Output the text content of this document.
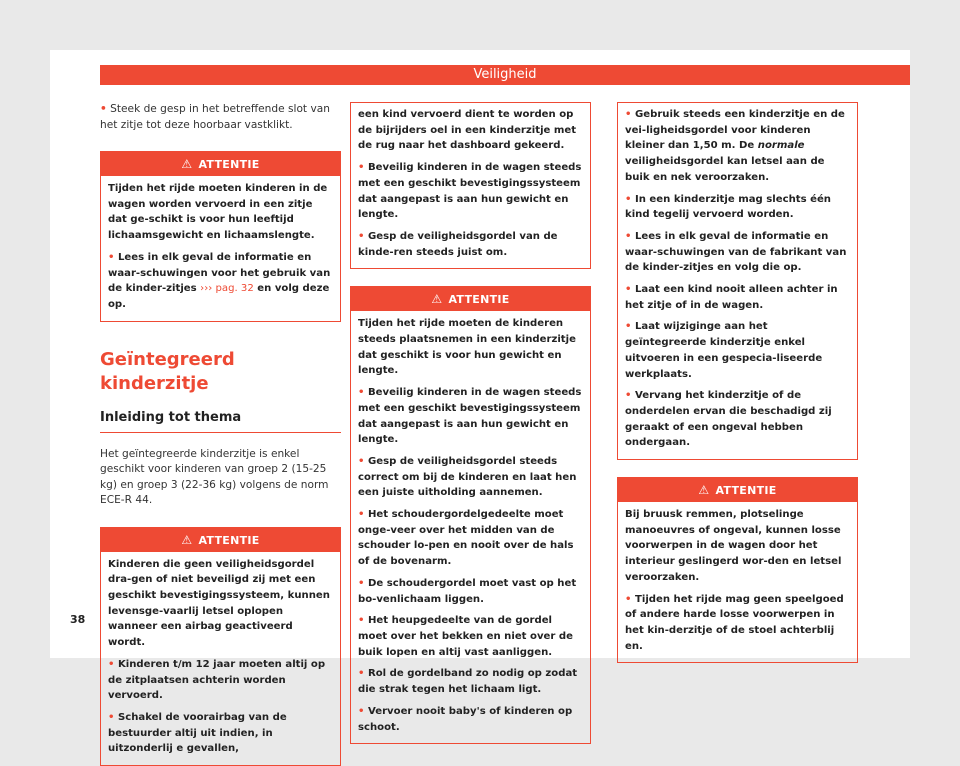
Veiligheid

• Steek de gesp in het betreffende slot van het zitje tot deze hoorbaar vastklikt.

⚠ ATTENTIE

Tijden het rijde moeten kinderen in de wagen worden vervoerd in een zitje dat ge-schikt is voor hun leeftijd lichaamsgewicht en lichaamslengte.

• Lees in elk geval de informatie en waar-schuwingen voor het gebruik van de kinder-zitjes ››› pag. 32 en volg deze op.

Geïntegreerd kinderzitje
Inleiding tot thema

Het geïntegreerde kinderzitje is enkel geschikt voor kinderen van groep 2 (15-25 kg) en groep 3 (22-36 kg) volgens de norm ECE-R 44.

⚠ ATTENTIE

Kinderen die geen veiligheidsgordel dra-gen of niet beveiligd zij met een geschikt bevestigingssysteem, kunnen levensge-vaarlij letsel oplopen wanneer een airbag geactiveerd wordt.

• Kinderen t/m 12 jaar moeten altij op de zitplaatsen achterin worden vervoerd.

• Schakel de voorairbag van de bestuurder altij uit indien, in uitzonderlij e gevallen,

een kind vervoerd dient te worden op de bijrijders oel in een kinderzitje met de rug naar het dashboard gekeerd.

• Beveilig kinderen in de wagen steeds met een geschikt bevestigingssysteem dat aangepast is aan hun gewicht en lengte.

• Gesp de veiligheidsgordel van de kinde-ren steeds juist om.

⚠ ATTENTIE

Tijden het rijde moeten de kinderen steeds plaatsnemen in een kinderzitje dat geschikt is voor hun gewicht en lengte.

• Beveilig kinderen in de wagen steeds met een geschikt bevestigingssysteem dat aangepast is aan hun gewicht en lengte.

• Gesp de veiligheidsgordel steeds correct om bij de kinderen en laat hen een juiste uitholding aannemen.

• Het schoudergordelgedeelte moet onge-veer over het midden van de schouder lo-pen en nooit over de hals of de bovenarm.

• De schoudergordel moet vast op het bo-venlichaam liggen.

• Het heupgedeelte van de gordel moet over het bekken en niet over de buik lopen en altij vast aanliggen.

• Rol de gordelband zo nodig op zodat die strak tegen het lichaam ligt.

• Vervoer nooit baby's of kinderen op schoot.

• Gebruik steeds een kinderzitje en de vei-ligheidsgordel voor kinderen kleiner dan 1,50 m. De normale veiligheidsgordel kan letsel aan de buik en nek veroorzaken.

• In een kinderzitje mag slechts één kind tegelij vervoerd worden.

• Lees in elk geval de informatie en waar-schuwingen van de fabrikant van de kinder-zitjes en volg die op.

• Laat een kind nooit alleen achter in het zitje of in de wagen.

• Laat wijziginge aan het geïntegreerde kinderzitje enkel uitvoeren in een gespecia-liseerde werkplaats.

• Vervang het kinderzitje of de onderdelen ervan die beschadigd zij geraakt of een ongeval hebben ondergaan.

⚠ ATTENTIE

Bij bruusk remmen, plotselinge manoeuvres of ongeval, kunnen losse voorwerpen in de wagen door het interieur geslingerd wor-den en letsel veroorzaken.

• Tijden het rijde mag geen speelgoed of andere harde losse voorwerpen in het kin-derzitje of de stoel achterblij en.

38
